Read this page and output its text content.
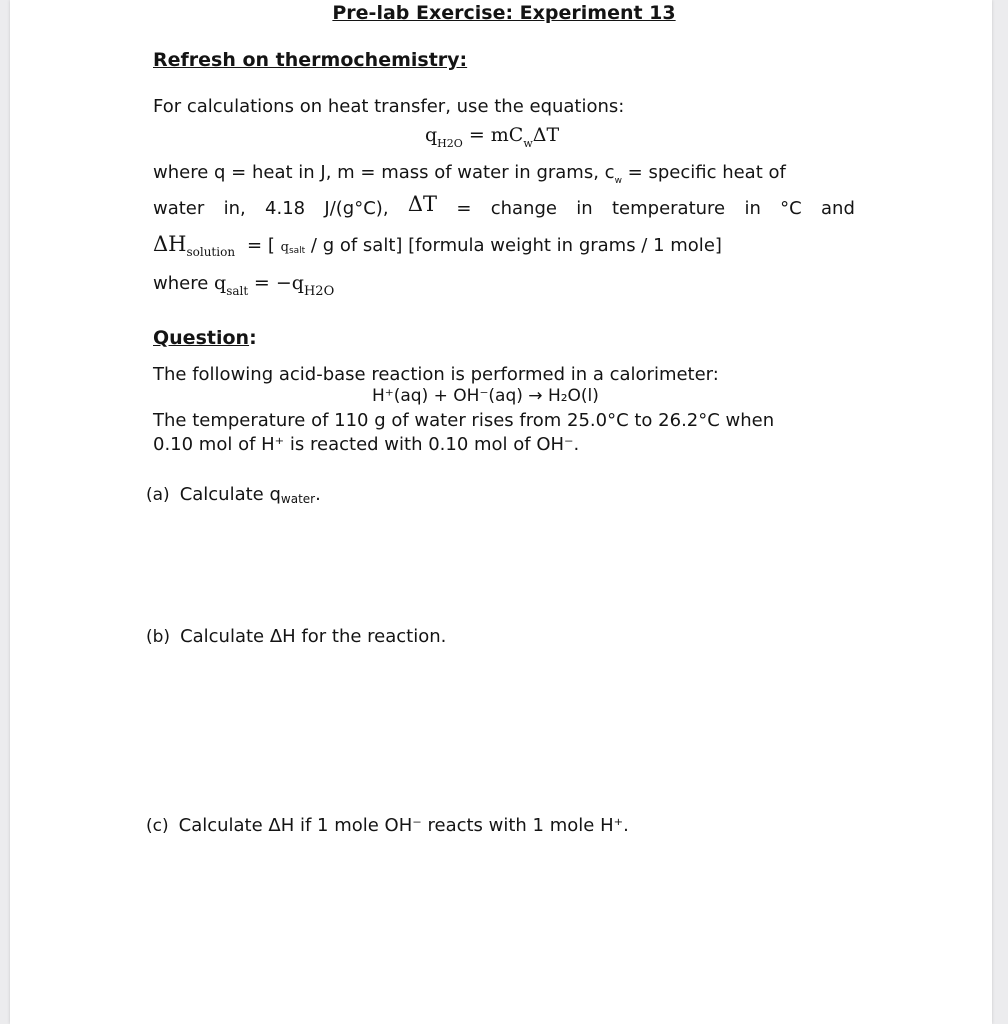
Pre-lab Exercise: Experiment 13
Refresh on thermochemistry:
For calculations on heat transfer, use the equations:
$q_{H2O} = mC_w\Delta T$
where q = heat in J, m = mass of water in grams, $c_w$ = specific heat of
water in, 4.18 J/(g°C), ΔT = change in temperature in °C and
$\Delta H_{solution}$ = [ qsalt / g of salt] [formula weight in grams / 1 mole]
where $q_{salt} = -q_{H2O}$
Question:
The following acid-base reaction is performed in a calorimeter:
H⁺(aq) + OH⁻(aq) → H₂O(l)
The temperature of 110 g of water rises from 25.0°C to 26.2°C when
0.10 mol of H⁺ is reacted with 0.10 mol of OH⁻.
(a) Calculate qwater.
(b) Calculate ΔH for the reaction.
(c) Calculate ΔH if 1 mole OH⁻ reacts with 1 mole H⁺.
